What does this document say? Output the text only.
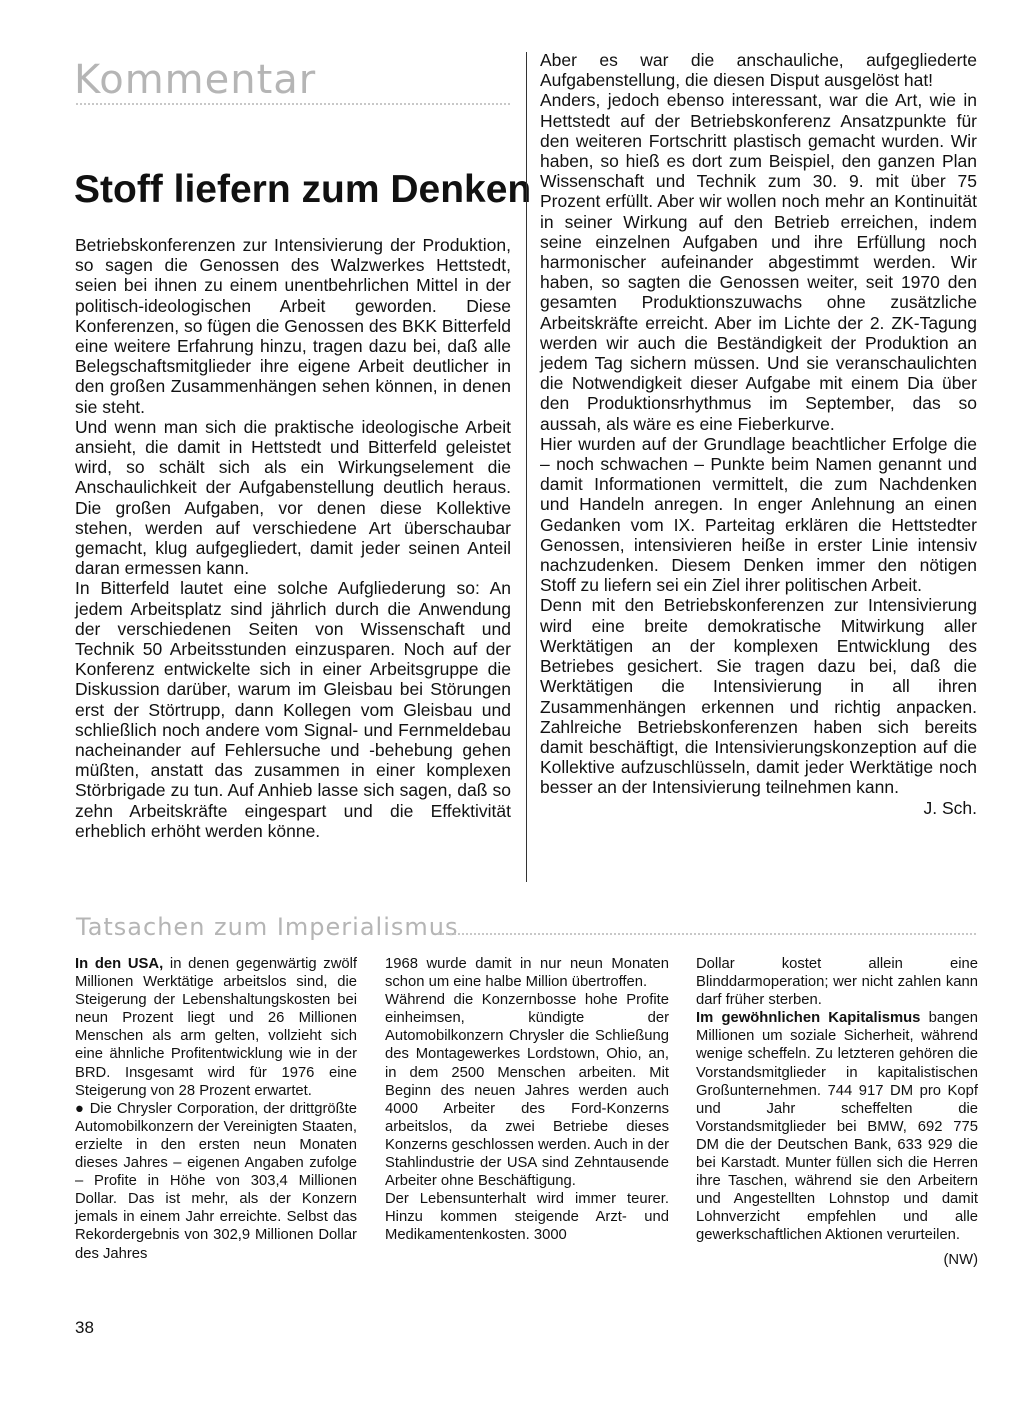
Kommentar
Stoff liefern zum Denken

Betriebskonferenzen zur Intensivierung der Produktion, so sagen die Genossen des Walzwerkes Hettstedt, seien bei ihnen zu einem unentbehrlichen Mittel in der politisch-ideologischen Arbeit geworden. Diese Konferenzen, so fügen die Genossen des BKK Bitterfeld eine weitere Erfahrung hinzu, tragen dazu bei, daß alle Belegschaftsmitglieder ihre eigene Arbeit deutlicher in den großen Zusammenhängen sehen können, in denen sie steht.

Und wenn man sich die praktische ideologische Arbeit ansieht, die damit in Hettstedt und Bitterfeld geleistet wird, so schält sich als ein Wirkungselement die Anschaulichkeit der Aufgabenstellung deutlich heraus. Die großen Aufgaben, vor denen diese Kollektive stehen, werden auf verschiedene Art überschaubar gemacht, klug aufgegliedert, damit jeder seinen Anteil daran ermessen kann.

In Bitterfeld lautet eine solche Aufgliederung so: An jedem Arbeitsplatz sind jährlich durch die Anwendung der verschiedenen Seiten von Wissenschaft und Technik 50 Arbeitsstunden einzusparen. Noch auf der Konferenz entwickelte sich in einer Arbeitsgruppe die Diskussion darüber, warum im Gleisbau bei Störungen erst der Störtrupp, dann Kollegen vom Gleisbau und schließlich noch andere vom Signal- und Fernmeldebau nacheinander auf Fehlersuche und -behebung gehen müßten, anstatt das zusammen in einer komplexen Störbrigade zu tun. Auf Anhieb lasse sich sagen, daß so zehn Arbeitskräfte eingespart und die Effektivität erheblich erhöht werden könne.

Aber es war die anschauliche, aufgegliederte Aufgabenstellung, die diesen Disput ausgelöst hat!

Anders, jedoch ebenso interessant, war die Art, wie in Hettstedt auf der Betriebskonferenz Ansatzpunkte für den weiteren Fortschritt plastisch gemacht wurden. Wir haben, so hieß es dort zum Beispiel, den ganzen Plan Wissenschaft und Technik zum 30. 9. mit über 75 Prozent erfüllt. Aber wir wollen noch mehr an Kontinuität in seiner Wirkung auf den Betrieb erreichen, indem seine einzelnen Aufgaben und ihre Erfüllung noch harmonischer aufeinander abgestimmt werden. Wir haben, so sagten die Genossen weiter, seit 1970 den gesamten Produktionszuwachs ohne zusätzliche Arbeitskräfte erreicht. Aber im Lichte der 2. ZK-Tagung werden wir auch die Beständigkeit der Produktion an jedem Tag sichern müssen. Und sie veranschaulichten die Notwendigkeit dieser Aufgabe mit einem Dia über den Produktionsrhythmus im September, das so aussah, als wäre es eine Fieberkurve.

Hier wurden auf der Grundlage beachtlicher Erfolge die – noch schwachen – Punkte beim Namen genannt und damit Informationen vermittelt, die zum Nachdenken und Handeln anregen. In enger Anlehnung an einen Gedanken vom IX. Parteitag erklären die Hettstedter Genossen, intensivieren heiße in erster Linie intensiv nachzudenken. Diesem Denken immer den nötigen Stoff zu liefern sei ein Ziel ihrer politischen Arbeit.

Denn mit den Betriebskonferenzen zur Intensivierung wird eine breite demokratische Mitwirkung aller Werktätigen an der komplexen Entwicklung des Betriebes gesichert. Sie tragen dazu bei, daß die Werktätigen die Intensivierung in all ihren Zusammenhängen erkennen und richtig anpacken. Zahlreiche Betriebskonferenzen haben sich bereits damit beschäftigt, die Intensivierungskonzeption auf die Kollektive aufzuschlüsseln, damit jeder Werktätige noch besser an der Intensivierung teilnehmen kann.

J. Sch.

Tatsachen zum Imperialismus

In den USA, in denen gegenwärtig zwölf Millionen Werktätige arbeitslos sind, die Steigerung der Lebenshaltungskosten bei neun Prozent liegt und 26 Millionen Menschen als arm gelten, vollzieht sich eine ähnliche Profitentwicklung wie in der BRD. Insgesamt wird für 1976 eine Steigerung von 28 Prozent erwartet.

● Die Chrysler Corporation, der drittgrößte Automobilkonzern der Vereinigten Staaten, erzielte in den ersten neun Monaten dieses Jahres – eigenen Angaben zufolge – Profite in Höhe von 303,4 Millionen Dollar. Das ist mehr, als der Konzern jemals in einem Jahr erreichte. Selbst das Rekordergebnis von 302,9 Millionen Dollar des Jahres

1968 wurde damit in nur neun Monaten schon um eine halbe Million übertroffen.

Während die Konzernbosse hohe Profite einheimsen, kündigte der Automobilkonzern Chrysler die Schließung des Montagewerkes Lordstown, Ohio, an, in dem 2500 Menschen arbeiten. Mit Beginn des neuen Jahres werden auch 4000 Arbeiter des Ford-Konzerns arbeitslos, da zwei Betriebe dieses Konzerns geschlossen werden. Auch in der Stahlindustrie der USA sind Zehntausende Arbeiter ohne Beschäftigung.

Der Lebensunterhalt wird immer teurer. Hinzu kommen steigende Arzt- und Medikamentenkosten. 3000

Dollar kostet allein eine Blinddarmoperation; wer nicht zahlen kann darf früher sterben.

Im gewöhnlichen Kapitalismus bangen Millionen um soziale Sicherheit, während wenige scheffeln. Zu letzteren gehören die Vorstandsmitglieder in kapitalistischen Großunternehmen. 744 917 DM pro Kopf und Jahr scheffelten die Vorstandsmitglieder bei BMW, 692 775 DM die der Deutschen Bank, 633 929 die bei Karstadt. Munter füllen sich die Herren ihre Taschen, während sie den Arbeitern und Angestellten Lohnstop und damit Lohnverzicht empfehlen und alle gewerkschaftlichen Aktionen verurteilen.

(NW)

38
